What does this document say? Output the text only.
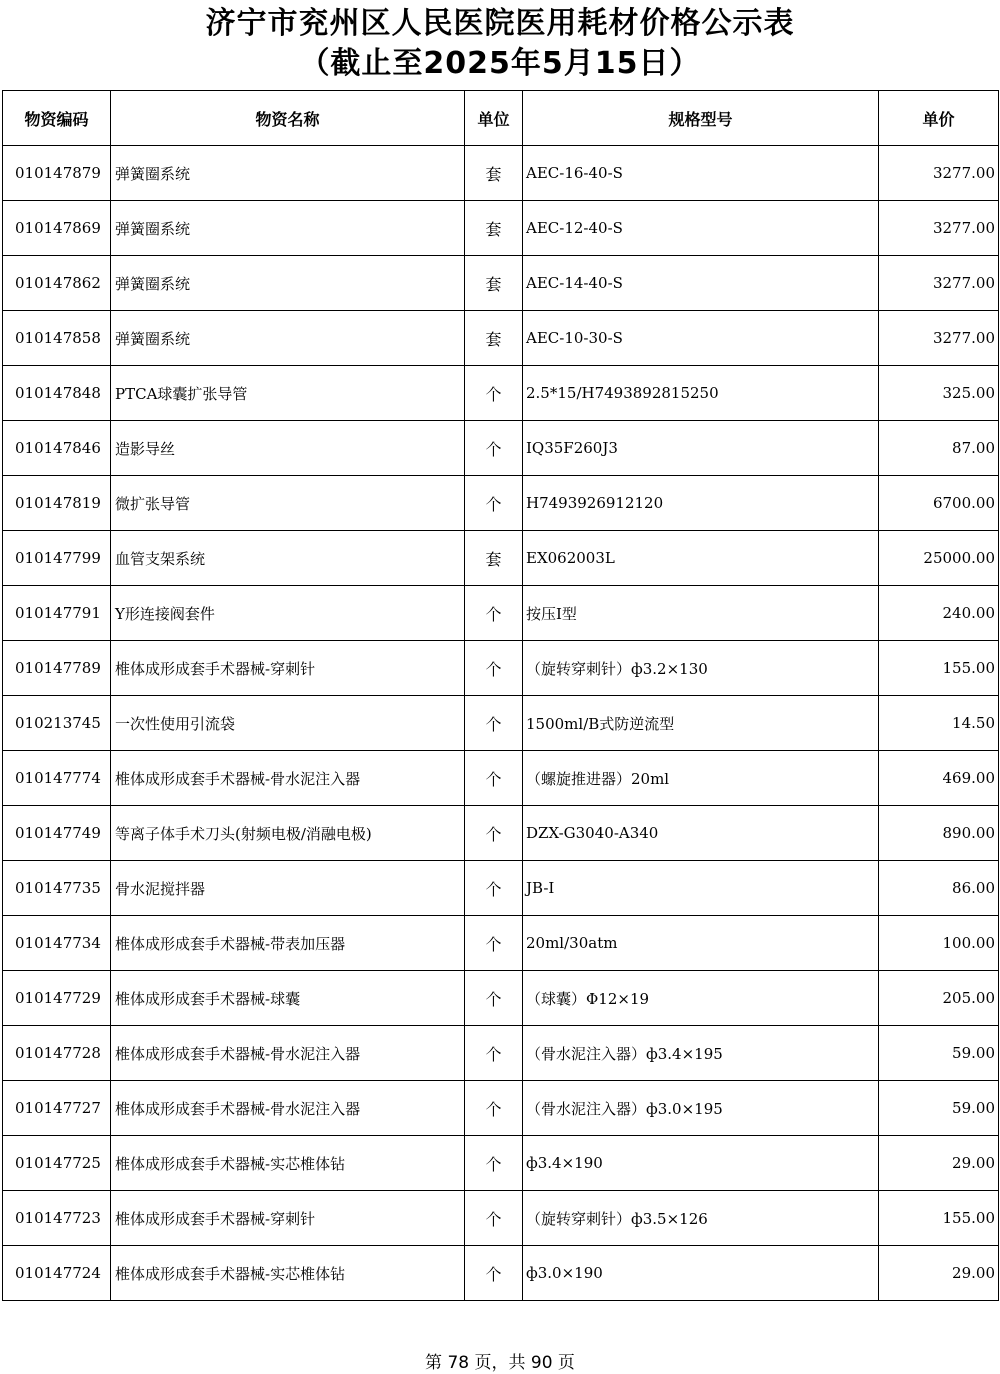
济宁市兖州区人民医院医用耗材价格公示表
（截止至2025年5月15日）
物资编码	物资名称	单位	规格型号	单价
010147879	弹簧圈系统	套	AEC-16-40-S	3277.00
010147869	弹簧圈系统	套	AEC-12-40-S	3277.00
010147862	弹簧圈系统	套	AEC-14-40-S	3277.00
010147858	弹簧圈系统	套	AEC-10-30-S	3277.00
010147848	PTCA球囊扩张导管	个	2.5*15/H7493892815250	325.00
010147846	造影导丝	个	IQ35F260J3	87.00
010147819	微扩张导管	个	H7493926912120	6700.00
010147799	血管支架系统	套	EX062003L	25000.00
010147791	Y形连接阀套件	个	按压I型	240.00
010147789	椎体成形成套手术器械-穿刺针	个	（旋转穿刺针）ф3.2×130	155.00
010213745	一次性使用引流袋	个	1500ml/B式防逆流型	14.50
010147774	椎体成形成套手术器械-骨水泥注入器	个	（螺旋推进器）20ml	469.00
010147749	等离子体手术刀头(射频电极/消融电极)	个	DZX-G3040-A340	890.00
010147735	骨水泥搅拌器	个	JB-I	86.00
010147734	椎体成形成套手术器械-带表加压器	个	20ml/30atm	100.00
010147729	椎体成形成套手术器械-球囊	个	（球囊）Φ12×19	205.00
010147728	椎体成形成套手术器械-骨水泥注入器	个	（骨水泥注入器）ф3.4×195	59.00
010147727	椎体成形成套手术器械-骨水泥注入器	个	（骨水泥注入器）ф3.0×195	59.00
010147725	椎体成形成套手术器械-实芯椎体钻	个	ф3.4×190	29.00
010147723	椎体成形成套手术器械-穿刺针	个	（旋转穿刺针）ф3.5×126	155.00
010147724	椎体成形成套手术器械-实芯椎体钻	个	ф3.0×190	29.00
第 78 页，共 90 页
